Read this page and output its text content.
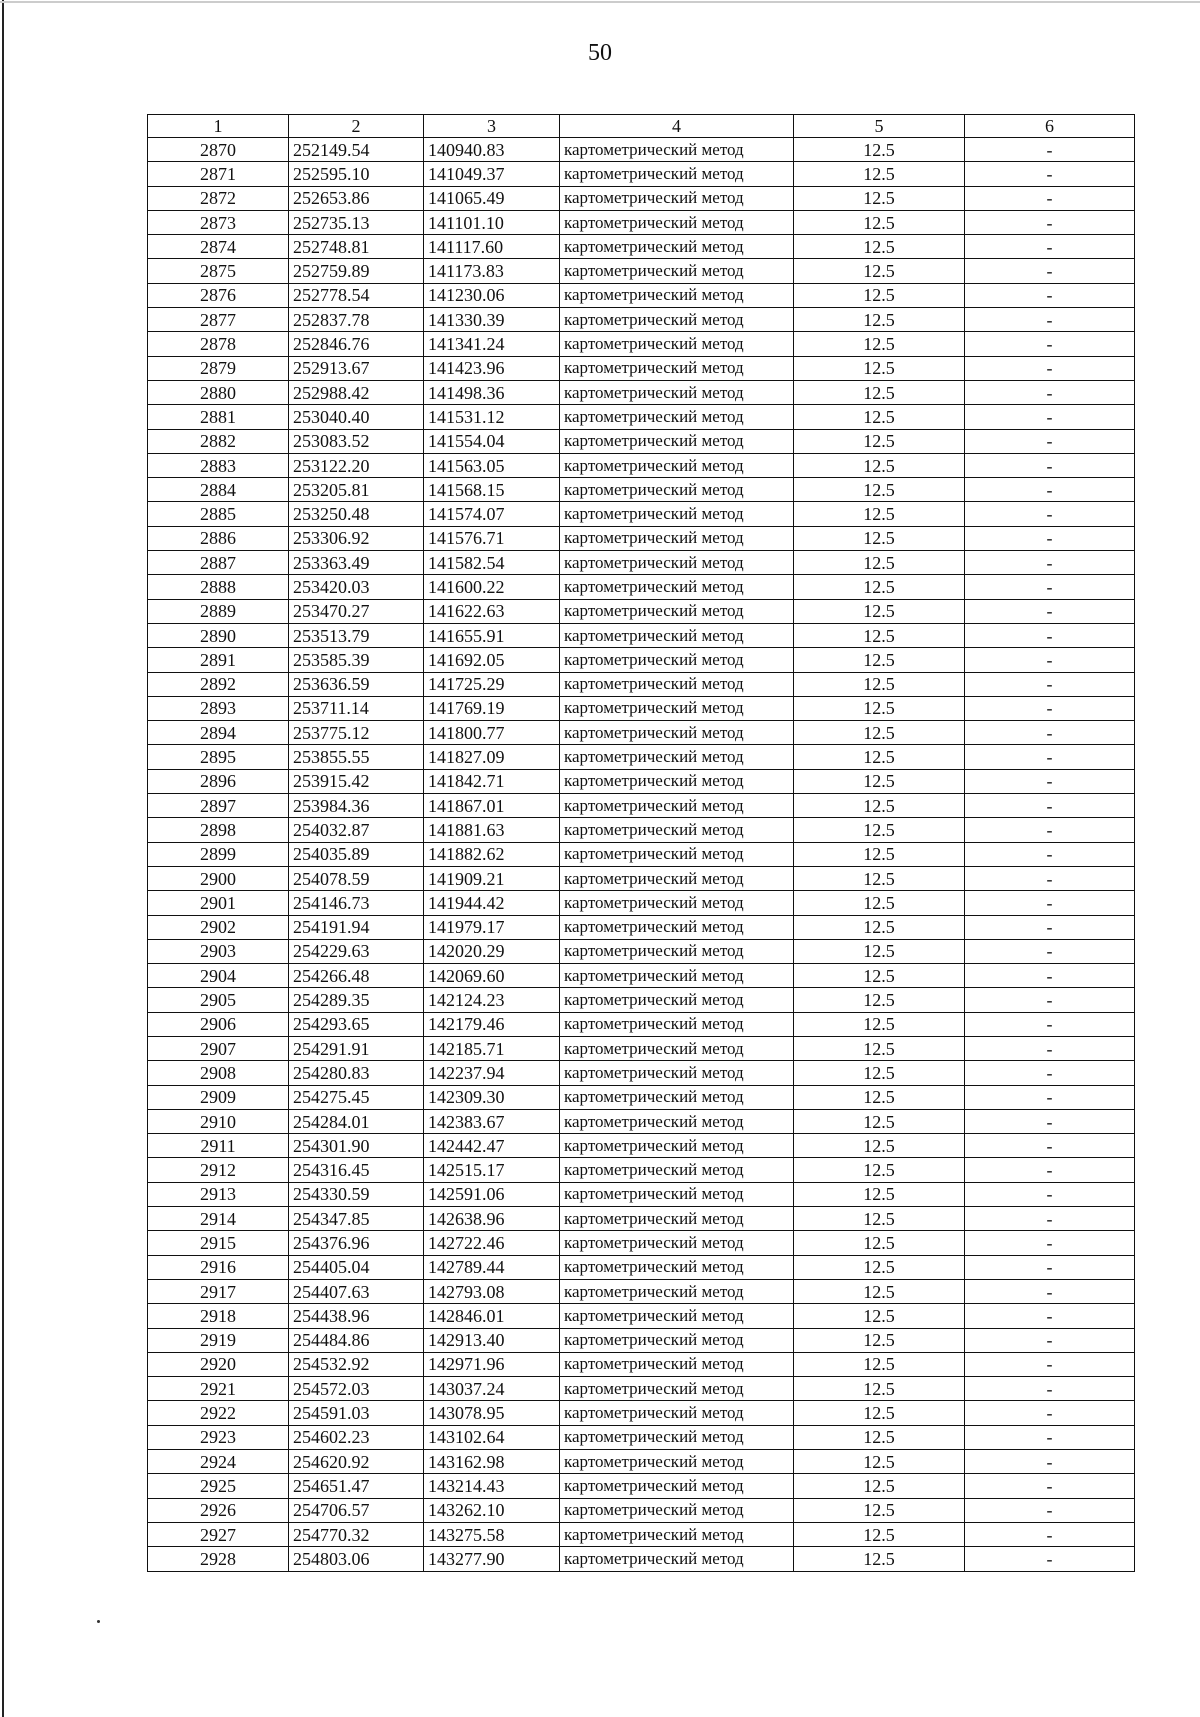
50
1	2	3	4	5	6
2870	252149.54	140940.83	картометрический метод	12.5	-
2871	252595.10	141049.37	картометрический метод	12.5	-
2872	252653.86	141065.49	картометрический метод	12.5	-
2873	252735.13	141101.10	картометрический метод	12.5	-
2874	252748.81	141117.60	картометрический метод	12.5	-
2875	252759.89	141173.83	картометрический метод	12.5	-
2876	252778.54	141230.06	картометрический метод	12.5	-
2877	252837.78	141330.39	картометрический метод	12.5	-
2878	252846.76	141341.24	картометрический метод	12.5	-
2879	252913.67	141423.96	картометрический метод	12.5	-
2880	252988.42	141498.36	картометрический метод	12.5	-
2881	253040.40	141531.12	картометрический метод	12.5	-
2882	253083.52	141554.04	картометрический метод	12.5	-
2883	253122.20	141563.05	картометрический метод	12.5	-
2884	253205.81	141568.15	картометрический метод	12.5	-
2885	253250.48	141574.07	картометрический метод	12.5	-
2886	253306.92	141576.71	картометрический метод	12.5	-
2887	253363.49	141582.54	картометрический метод	12.5	-
2888	253420.03	141600.22	картометрический метод	12.5	-
2889	253470.27	141622.63	картометрический метод	12.5	-
2890	253513.79	141655.91	картометрический метод	12.5	-
2891	253585.39	141692.05	картометрический метод	12.5	-
2892	253636.59	141725.29	картометрический метод	12.5	-
2893	253711.14	141769.19	картометрический метод	12.5	-
2894	253775.12	141800.77	картометрический метод	12.5	-
2895	253855.55	141827.09	картометрический метод	12.5	-
2896	253915.42	141842.71	картометрический метод	12.5	-
2897	253984.36	141867.01	картометрический метод	12.5	-
2898	254032.87	141881.63	картометрический метод	12.5	-
2899	254035.89	141882.62	картометрический метод	12.5	-
2900	254078.59	141909.21	картометрический метод	12.5	-
2901	254146.73	141944.42	картометрический метод	12.5	-
2902	254191.94	141979.17	картометрический метод	12.5	-
2903	254229.63	142020.29	картометрический метод	12.5	-
2904	254266.48	142069.60	картометрический метод	12.5	-
2905	254289.35	142124.23	картометрический метод	12.5	-
2906	254293.65	142179.46	картометрический метод	12.5	-
2907	254291.91	142185.71	картометрический метод	12.5	-
2908	254280.83	142237.94	картометрический метод	12.5	-
2909	254275.45	142309.30	картометрический метод	12.5	-
2910	254284.01	142383.67	картометрический метод	12.5	-
2911	254301.90	142442.47	картометрический метод	12.5	-
2912	254316.45	142515.17	картометрический метод	12.5	-
2913	254330.59	142591.06	картометрический метод	12.5	-
2914	254347.85	142638.96	картометрический метод	12.5	-
2915	254376.96	142722.46	картометрический метод	12.5	-
2916	254405.04	142789.44	картометрический метод	12.5	-
2917	254407.63	142793.08	картометрический метод	12.5	-
2918	254438.96	142846.01	картометрический метод	12.5	-
2919	254484.86	142913.40	картометрический метод	12.5	-
2920	254532.92	142971.96	картометрический метод	12.5	-
2921	254572.03	143037.24	картометрический метод	12.5	-
2922	254591.03	143078.95	картометрический метод	12.5	-
2923	254602.23	143102.64	картометрический метод	12.5	-
2924	254620.92	143162.98	картометрический метод	12.5	-
2925	254651.47	143214.43	картометрический метод	12.5	-
2926	254706.57	143262.10	картометрический метод	12.5	-
2927	254770.32	143275.58	картометрический метод	12.5	-
2928	254803.06	143277.90	картометрический метод	12.5	-
